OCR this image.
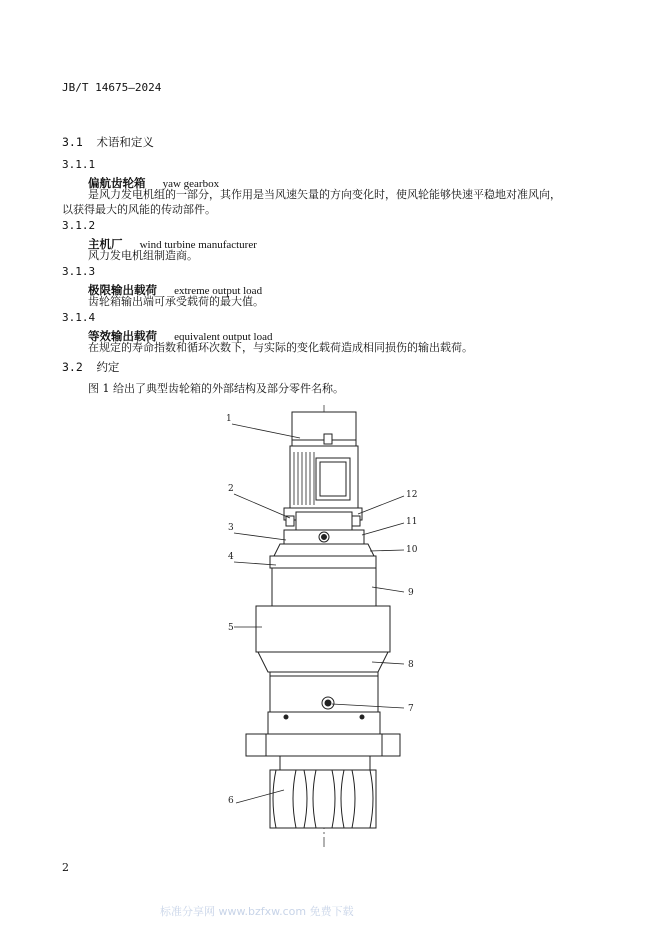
JB/T 14675—2024
3.1 术语和定义
3.1.1
偏航齿轮箱 yaw gearbox
是风力发电机组的一部分，其作用是当风速矢量的方向变化时，使风轮能够快速平稳地对准风向，
以获得最大的风能的传动部件。
3.1.2
主机厂 wind turbine manufacturer
风力发电机组制造商。
3.1.3
极限输出载荷 extreme output load
齿轮箱输出端可承受载荷的最大值。
3.1.4
等效输出载荷 equivalent output load
在规定的寿命指数和循环次数下，与实际的变化载荷造成相同损伤的输出载荷。
3.2 约定
图 1 给出了典型齿轮箱的外部结构及部分零件名称。
1
2
3
4
5
6
7
8
9
10
11
12
2
标准分享网 www.bzfxw.com 免费下载
